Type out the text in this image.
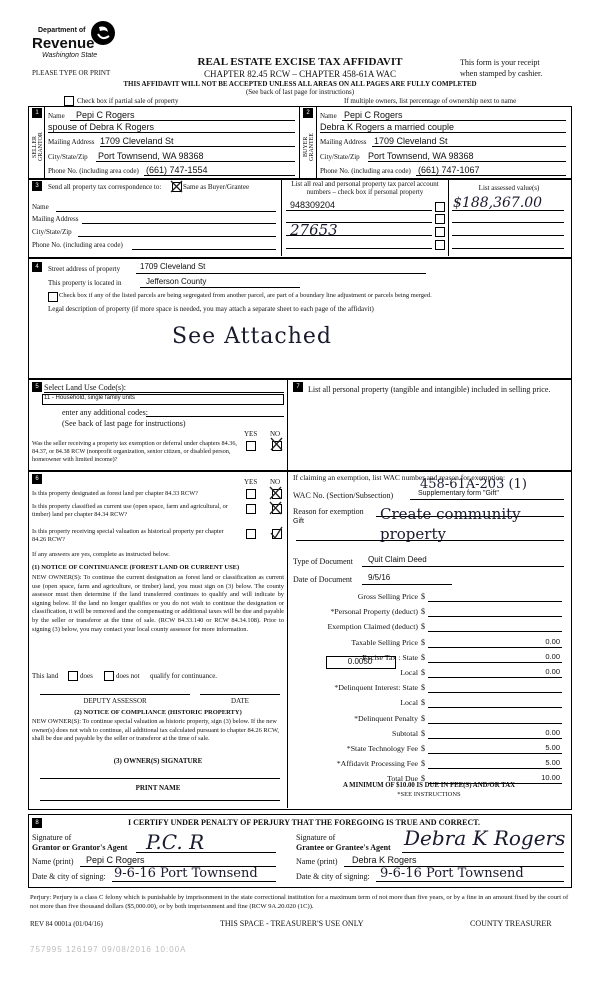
Department of
Revenue
Washington State
REAL ESTATE EXCISE TAX AFFIDAVIT
CHAPTER 82.45 RCW – CHAPTER 458-61A WAC
This form is your receipt
when stamped by cashier.
PLEASE TYPE OR PRINT
THIS AFFIDAVIT WILL NOT BE ACCEPTED UNLESS ALL AREAS ON ALL PAGES ARE FULLY COMPLETED
(See back of last page for instructions)
Check box if partial sale of property	If multiple owners, list percentage of ownership next to name
1	2
SELLER GRANTOR	BUYER GRANTEE
Name Pepi C Rogers
spouse of Debra K Rogers
Mailing Address 1709 Cleveland St
City/State/Zip Port Townsend, WA 98368
Phone No. (including area code) (661) 747-1554
Name Pepi C Rogers
Debra K Rogers a married couple
Mailing Address 1709 Cleveland St
City/State/Zip Port Townsend, WA 98368
Phone No. (including area code) (661) 747-1067
3	Send all property tax correspondence to:	Same as Buyer/Grantee
Name
Mailing Address
City/State/Zip
Phone No. (including area code)
List all real and personal property tax parcel account numbers – check box if personal property	List assessed value(s)
948309204	$188,367.00
27653
4	Street address of property 1709 Cleveland St
This property is located in	Jefferson County
Check box if any of the listed parcels are being segregated from another parcel, are part of a boundary line adjustment or parcels being merged.
Legal description of property (if more space is needed, you may attach a separate sheet to each page of the affidavit)
See Attached
5 Select Land Use Code(s):
11 - Household, single family units
enter any additional codes:
(See back of last page for instructions)
YES NO
Was the seller receiving a property tax exemption or deferral under chapters 84.36, 84.37, or 84.38 RCW (nonprofit organization, senior citizen, or disabled person, homeowner with limited income)?
7	List all personal property (tangible and intangible) included in selling price.
6	YES NO
Is this property designated as forest land per chapter 84.33 RCW?
Is this property classified as current use (open space, farm and agricultural, or timber) land per chapter 84.34 RCW?
Is this property receiving special valuation as historical property per chapter 84.26 RCW?
If any answers are yes, complete as instructed below.
(1) NOTICE OF CONTINUANCE (FOREST LAND OR CURRENT USE)
NEW OWNER(S): To continue the current designation as forest land or classification as current use (open space, farm and agriculture, or timber) land, you must sign on (3) below. The county assessor must then determine if the land transferred continues to qualify and will indicate by signing below. If the land no longer qualifies or you do not wish to continue the designation or classification, it will be removed and the compensating or additional taxes will be due and payable by the seller or transferor at the time of sale. (RCW 84.33.140 or RCW 84.34.108). Prior to signing (3) below, you may contact your local county assessor for more information.
This land	does	does not qualify for continuance.
DEPUTY ASSESSOR	DATE
(2) NOTICE OF COMPLIANCE (HISTORIC PROPERTY)
NEW OWNER(S): To continue special valuation as historic property, sign (3) below. If the new owner(s) does not wish to continue, all additional tax calculated pursuant to chapter 84.26 RCW, shall be due and payable by the seller or transferor at the time of sale.
(3) OWNER(S) SIGNATURE
PRINT NAME
If claiming an exemption, list WAC number and reason for exemption:
WAC No. (Section/Subsection)
458-61A-203 (1)
Supplementary form "Gift"
Reason for exemption
Gift	Create community property
Type of Document Quit Claim Deed
Date of Document 9/5/16
Gross Selling Price $
*Personal Property (deduct) $
Exemption Claimed (deduct) $
Taxable Selling Price $	0.00
Excise Tax : State $	0.00
Local $	0.00
*Delinquent Interest: State $
Local $
*Delinquent Penalty $
Subtotal $	0.00
*State Technology Fee $	5.00
*Affidavit Processing Fee $	5.00
Total Due $	10.00
0.0050
A MINIMUM OF $10.00 IS DUE IN FEE(S) AND/OR TAX
*SEE INSTRUCTIONS
8	I CERTIFY UNDER PENALTY OF PERJURY THAT THE FOREGOING IS TRUE AND CORRECT.
Signature of
Grantor or Grantor's Agent P.C. R
Name (print) Pepi C Rogers
Date & city of signing: 9-6-16 Port Townsend
Signature of
Grantee or Grantee's Agent Debra K Rogers
Name (print) Debra K Rogers
Date & city of signing: 9-6-16 Port Townsend
Perjury: Perjury is a class C felony which is punishable by imprisonment in the state correctional institution for a maximum term of not more than five years, or by a fine in an amount fixed by the court of not more than five thousand dollars ($5,000.00), or by both imprisonment and fine (RCW 9A.20.020 (1C)).
REV 84 0001a (01/04/16)	THIS SPACE - TREASURER'S USE ONLY	COUNTY TREASURER
757995 126197 09/08/2016 10:00A
